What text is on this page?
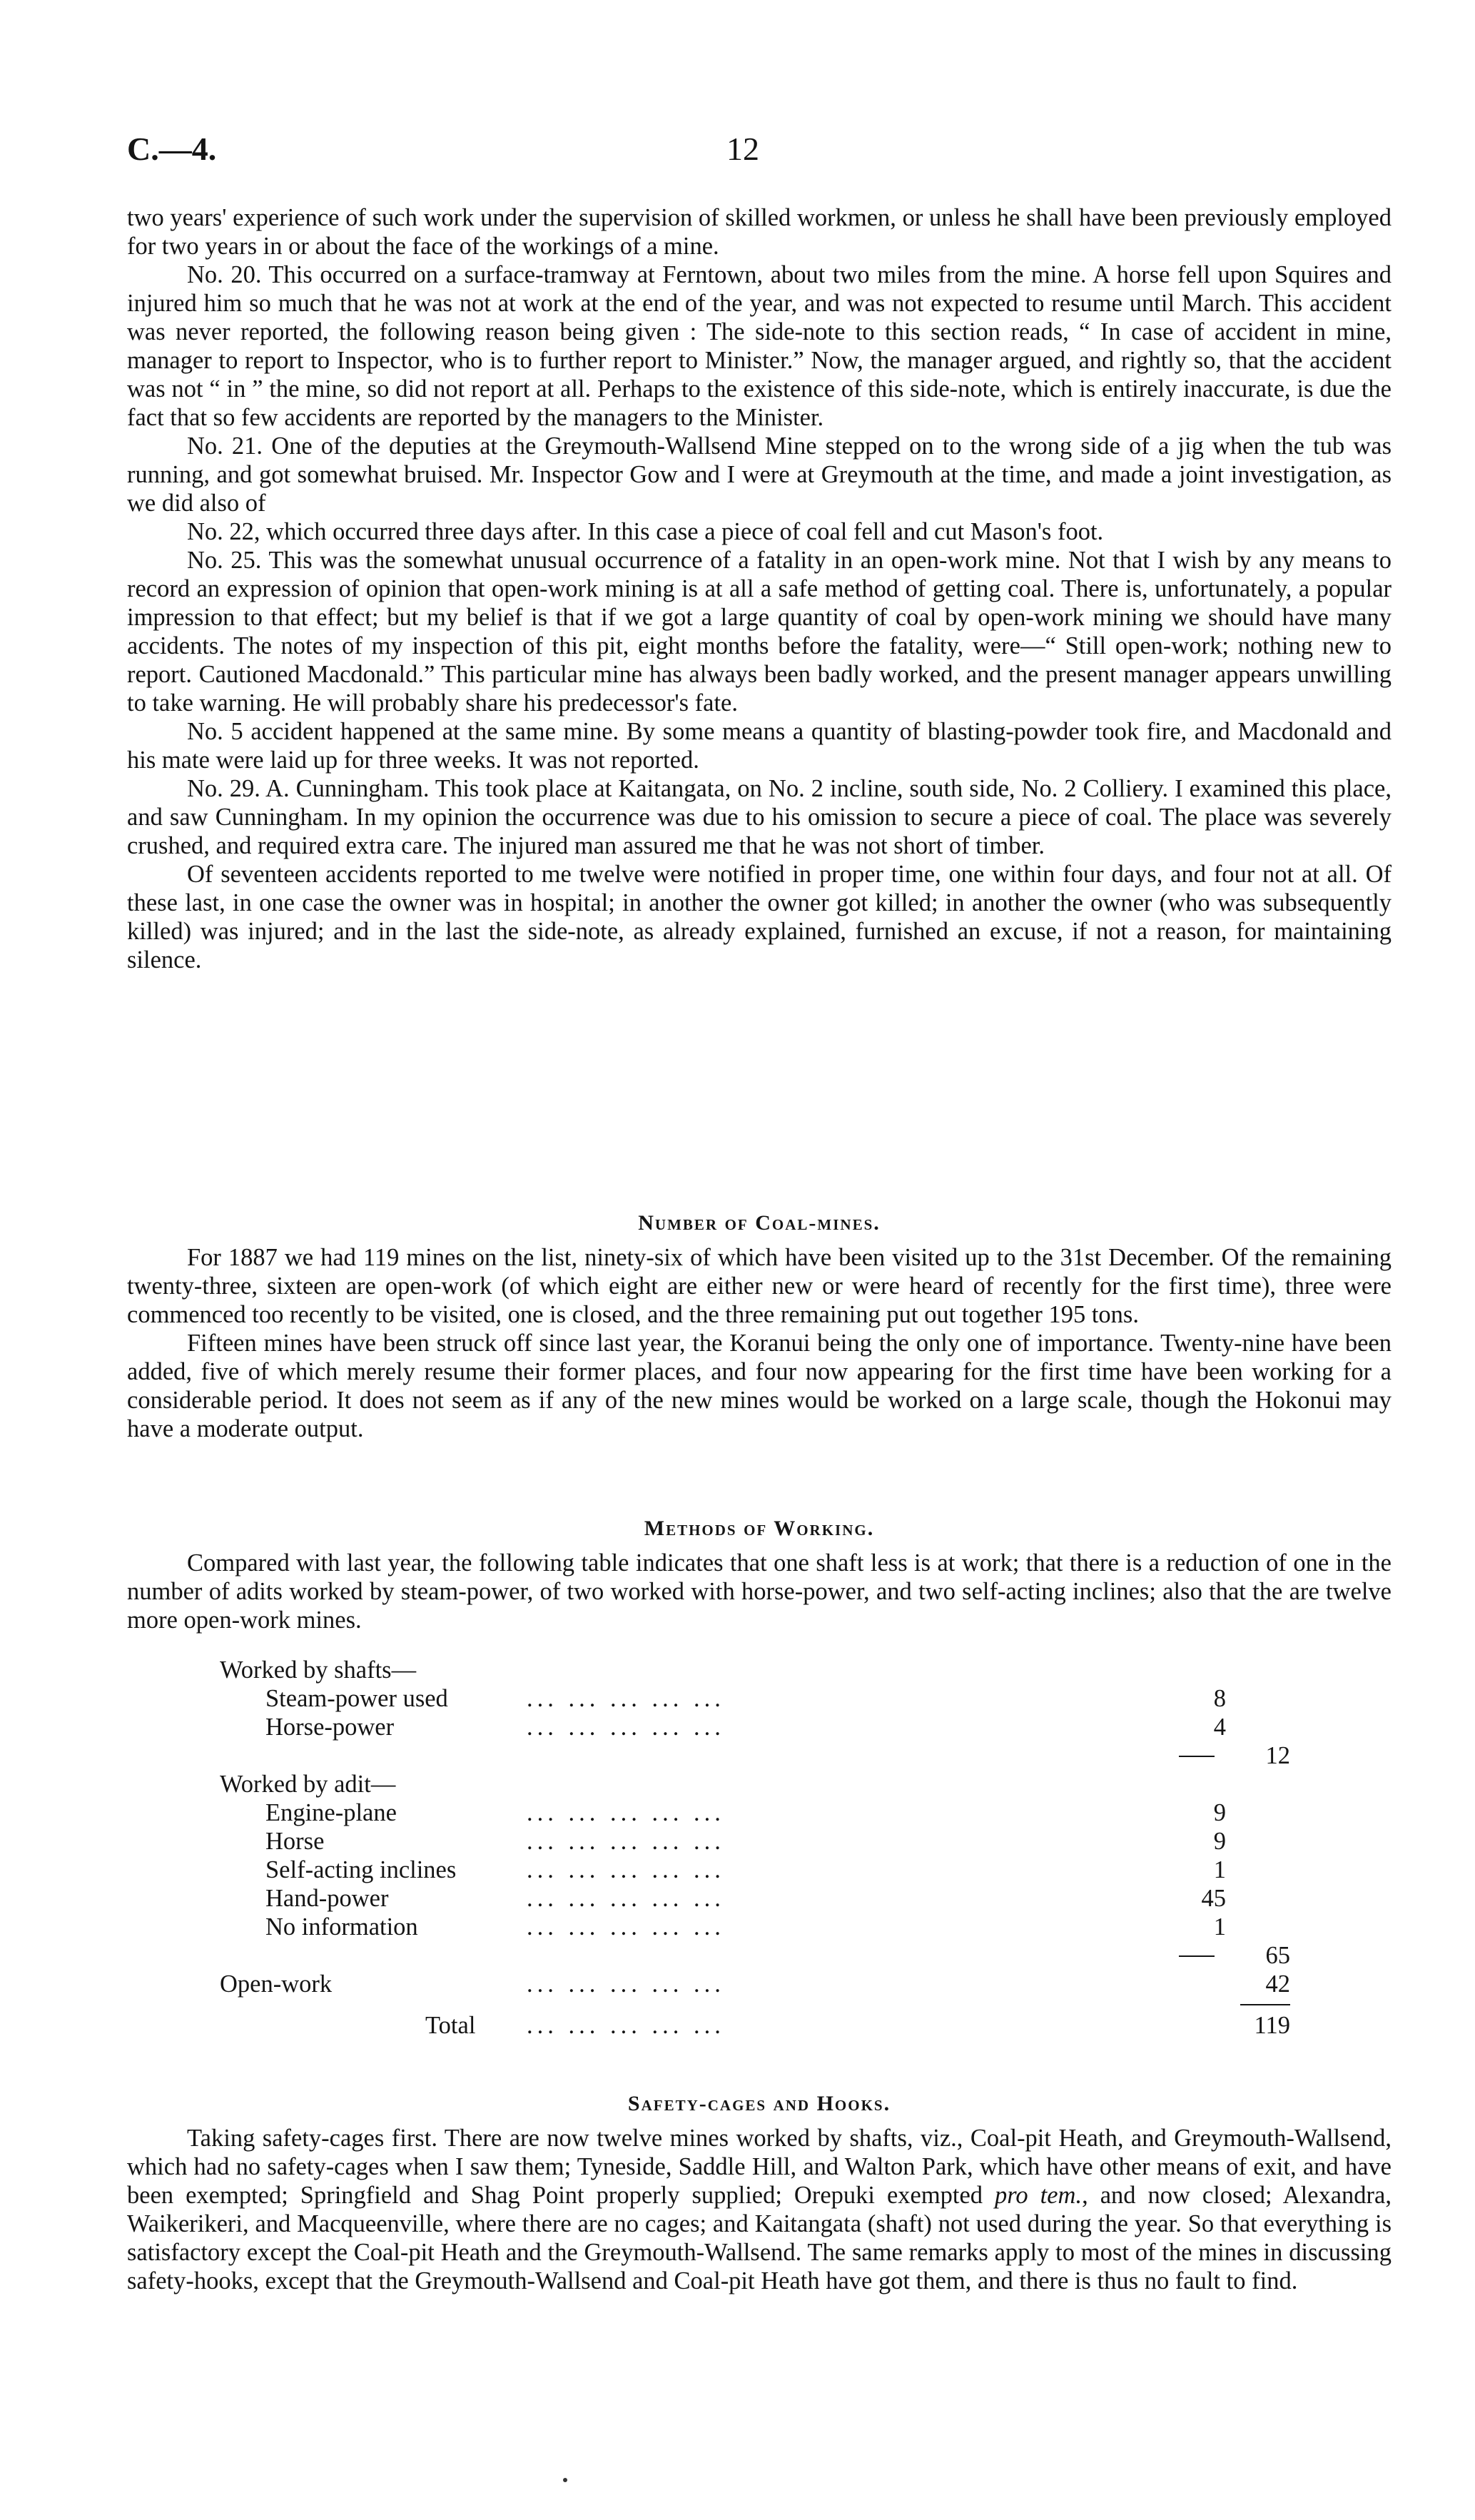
C.—4.	12

two years' experience of such work under the supervision of skilled workmen, or unless he shall have been previously employed for two years in or about the face of the workings of a mine.

No. 20. This occurred on a surface-tramway at Ferntown, about two miles from the mine. A horse fell upon Squires and injured him so much that he was not at work at the end of the year, and was not expected to resume until March. This accident was never reported, the following reason being given : The side-note to this section reads, “ In case of accident in mine, manager to report to Inspector, who is to further report to Minister.” Now, the manager argued, and rightly so, that the accident was not “ in ” the mine, so did not report at all. Perhaps to the existence of this side-note, which is entirely inaccurate, is due the fact that so few accidents are reported by the managers to the Minister.

No. 21. One of the deputies at the Greymouth-Wallsend Mine stepped on to the wrong side of a jig when the tub was running, and got somewhat bruised. Mr. Inspector Gow and I were at Greymouth at the time, and made a joint investigation, as we did also of

No. 22, which occurred three days after. In this case a piece of coal fell and cut Mason's foot.

No. 25. This was the somewhat unusual occurrence of a fatality in an open-work mine. Not that I wish by any means to record an expression of opinion that open-work mining is at all a safe method of getting coal. There is, unfortunately, a popular impression to that effect; but my belief is that if we got a large quantity of coal by open-work mining we should have many accidents. The notes of my inspection of this pit, eight months before the fatality, were—“ Still open-work; nothing new to report. Cautioned Macdonald.” This particular mine has always been badly worked, and the present manager appears unwilling to take warning. He will probably share his predecessor's fate.

No. 5 accident happened at the same mine. By some means a quantity of blasting-powder took fire, and Macdonald and his mate were laid up for three weeks. It was not reported.

No. 29. A. Cunningham. This took place at Kaitangata, on No. 2 incline, south side, No. 2 Colliery. I examined this place, and saw Cunningham. In my opinion the occurrence was due to his omission to secure a piece of coal. The place was severely crushed, and required extra care. The injured man assured me that he was not short of timber.

Of seventeen accidents reported to me twelve were notified in proper time, one within four days, and four not at all. Of these last, in one case the owner was in hospital; in another the owner got killed; in another the owner (who was subsequently killed) was injured; and in the last the side-note, as already explained, furnished an excuse, if not a reason, for maintaining silence.

Number of Coal-mines.

For 1887 we had 119 mines on the list, ninety-six of which have been visited up to the 31st December. Of the remaining twenty-three, sixteen are open-work (of which eight are either new or were heard of recently for the first time), three were commenced too recently to be visited, one is closed, and the three remaining put out together 195 tons.

Fifteen mines have been struck off since last year, the Koranui being the only one of importance. Twenty-nine have been added, five of which merely resume their former places, and four now appearing for the first time have been working for a considerable period. It does not seem as if any of the new mines would be worked on a large scale, though the Hokonui may have a moderate output.

Methods of Working.

Compared with last year, the following table indicates that one shaft less is at work; that there is a reduction of one in the number of adits worked by steam-power, of two worked with horse-power, and two self-acting inclines; also that the are twelve more open-work mines.

Worked by shafts—
Steam-power used	... ... ... ... ...	8
Horse-power	... ... ... ... ...	4
12
Worked by adit—
Engine-plane	... ... ... ... ...	9
Horse	... ... ... ... ...	9
Self-acting inclines	... ... ... ... ...	1
Hand-power	... ... ... ... ...	45
No information	... ... ... ... ...	1
65
Open-work	... ... ... ... ...	42
Total ... ... ... ... ...	119
Safety-cages and Hooks.

Taking safety-cages first. There are now twelve mines worked by shafts, viz., Coal-pit Heath, and Greymouth-Wallsend, which had no safety-cages when I saw them; Tyneside, Saddle Hill, and Walton Park, which have other means of exit, and have been exempted; Springfield and Shag Point properly supplied; Orepuki exempted pro tem., and now closed; Alexandra, Waikerikeri, and Macqueenville, where there are no cages; and Kaitangata (shaft) not used during the year. So that everything is satisfactory except the Coal-pit Heath and the Greymouth-Wallsend. The same remarks apply to most of the mines in discussing safety-hooks, except that the Greymouth-Wallsend and Coal-pit Heath have got them, and there is thus no fault to find.
